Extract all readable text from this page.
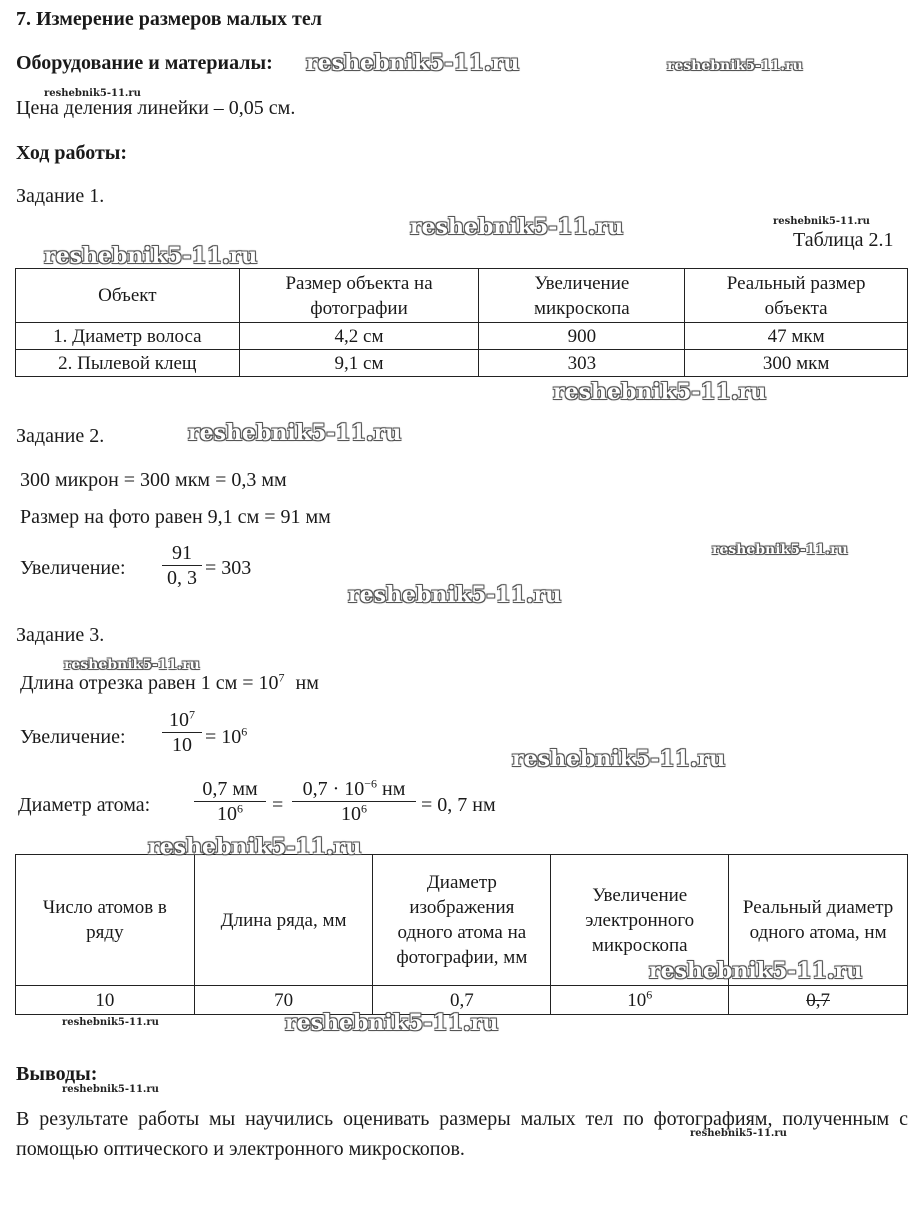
7. Измерение размеров малых тел
Оборудование и материалы:
Цена деления линейки – 0,05 см.
Ход работы:
Задание 1.
Таблица 2.1
Объект	Размер объекта на фотографии	Увеличение микроскопа	Реальный размер объекта
1. Диаметр волоса	4,2 см	900	47 мкм
2. Пылевой клещ	9,1 см	303	300 мкм
Задание 2.
300 микрон = 300 мкм = 0,3 мм
Размер на фото равен 9,1 см = 91 мм
Увеличение:
91
0, 3 = 303
Задание 3.
Длина отрезка равен 1 см = $10^7$ нм
Увеличение:
$10^7$
$10 = 10^6$
Диаметр атома:
0,7 мм
$10^6$	=
$0,7 \cdot 10^{-6}$ нм
$10^6$	= 0, 7 нм
Число атомов в ряду	Длина ряда, мм	Диаметр изображения одного атома на фотографии, мм	Увеличение электронного микроскопа	Реальный диаметр одного атома, нм
10	70	0,7	$10^6$	0,7
Выводы:
В результате работы мы научились оценивать размеры малых тел по фотографиям, полученным с помощью оптического и электронного микроскопов.
reshebnik5-11.ru	reshebnik5-11.ru
reshebnik5-11.ru
reshebnik5-11.ru	reshebnik5-11.ru
reshebnik5-11.ru
reshebnik5-11.ru
reshebnik5-11.ru
reshebnik5-11.ru
reshebnik5-11.ru
reshebnik5-11.ru
reshebnik5-11.ru
reshebnik5-11.ru
reshebnik5-11.ru
reshebnik5-11.ru	reshebnik5-11.ru
reshebnik5-11.ru
reshebnik5-11.ru
